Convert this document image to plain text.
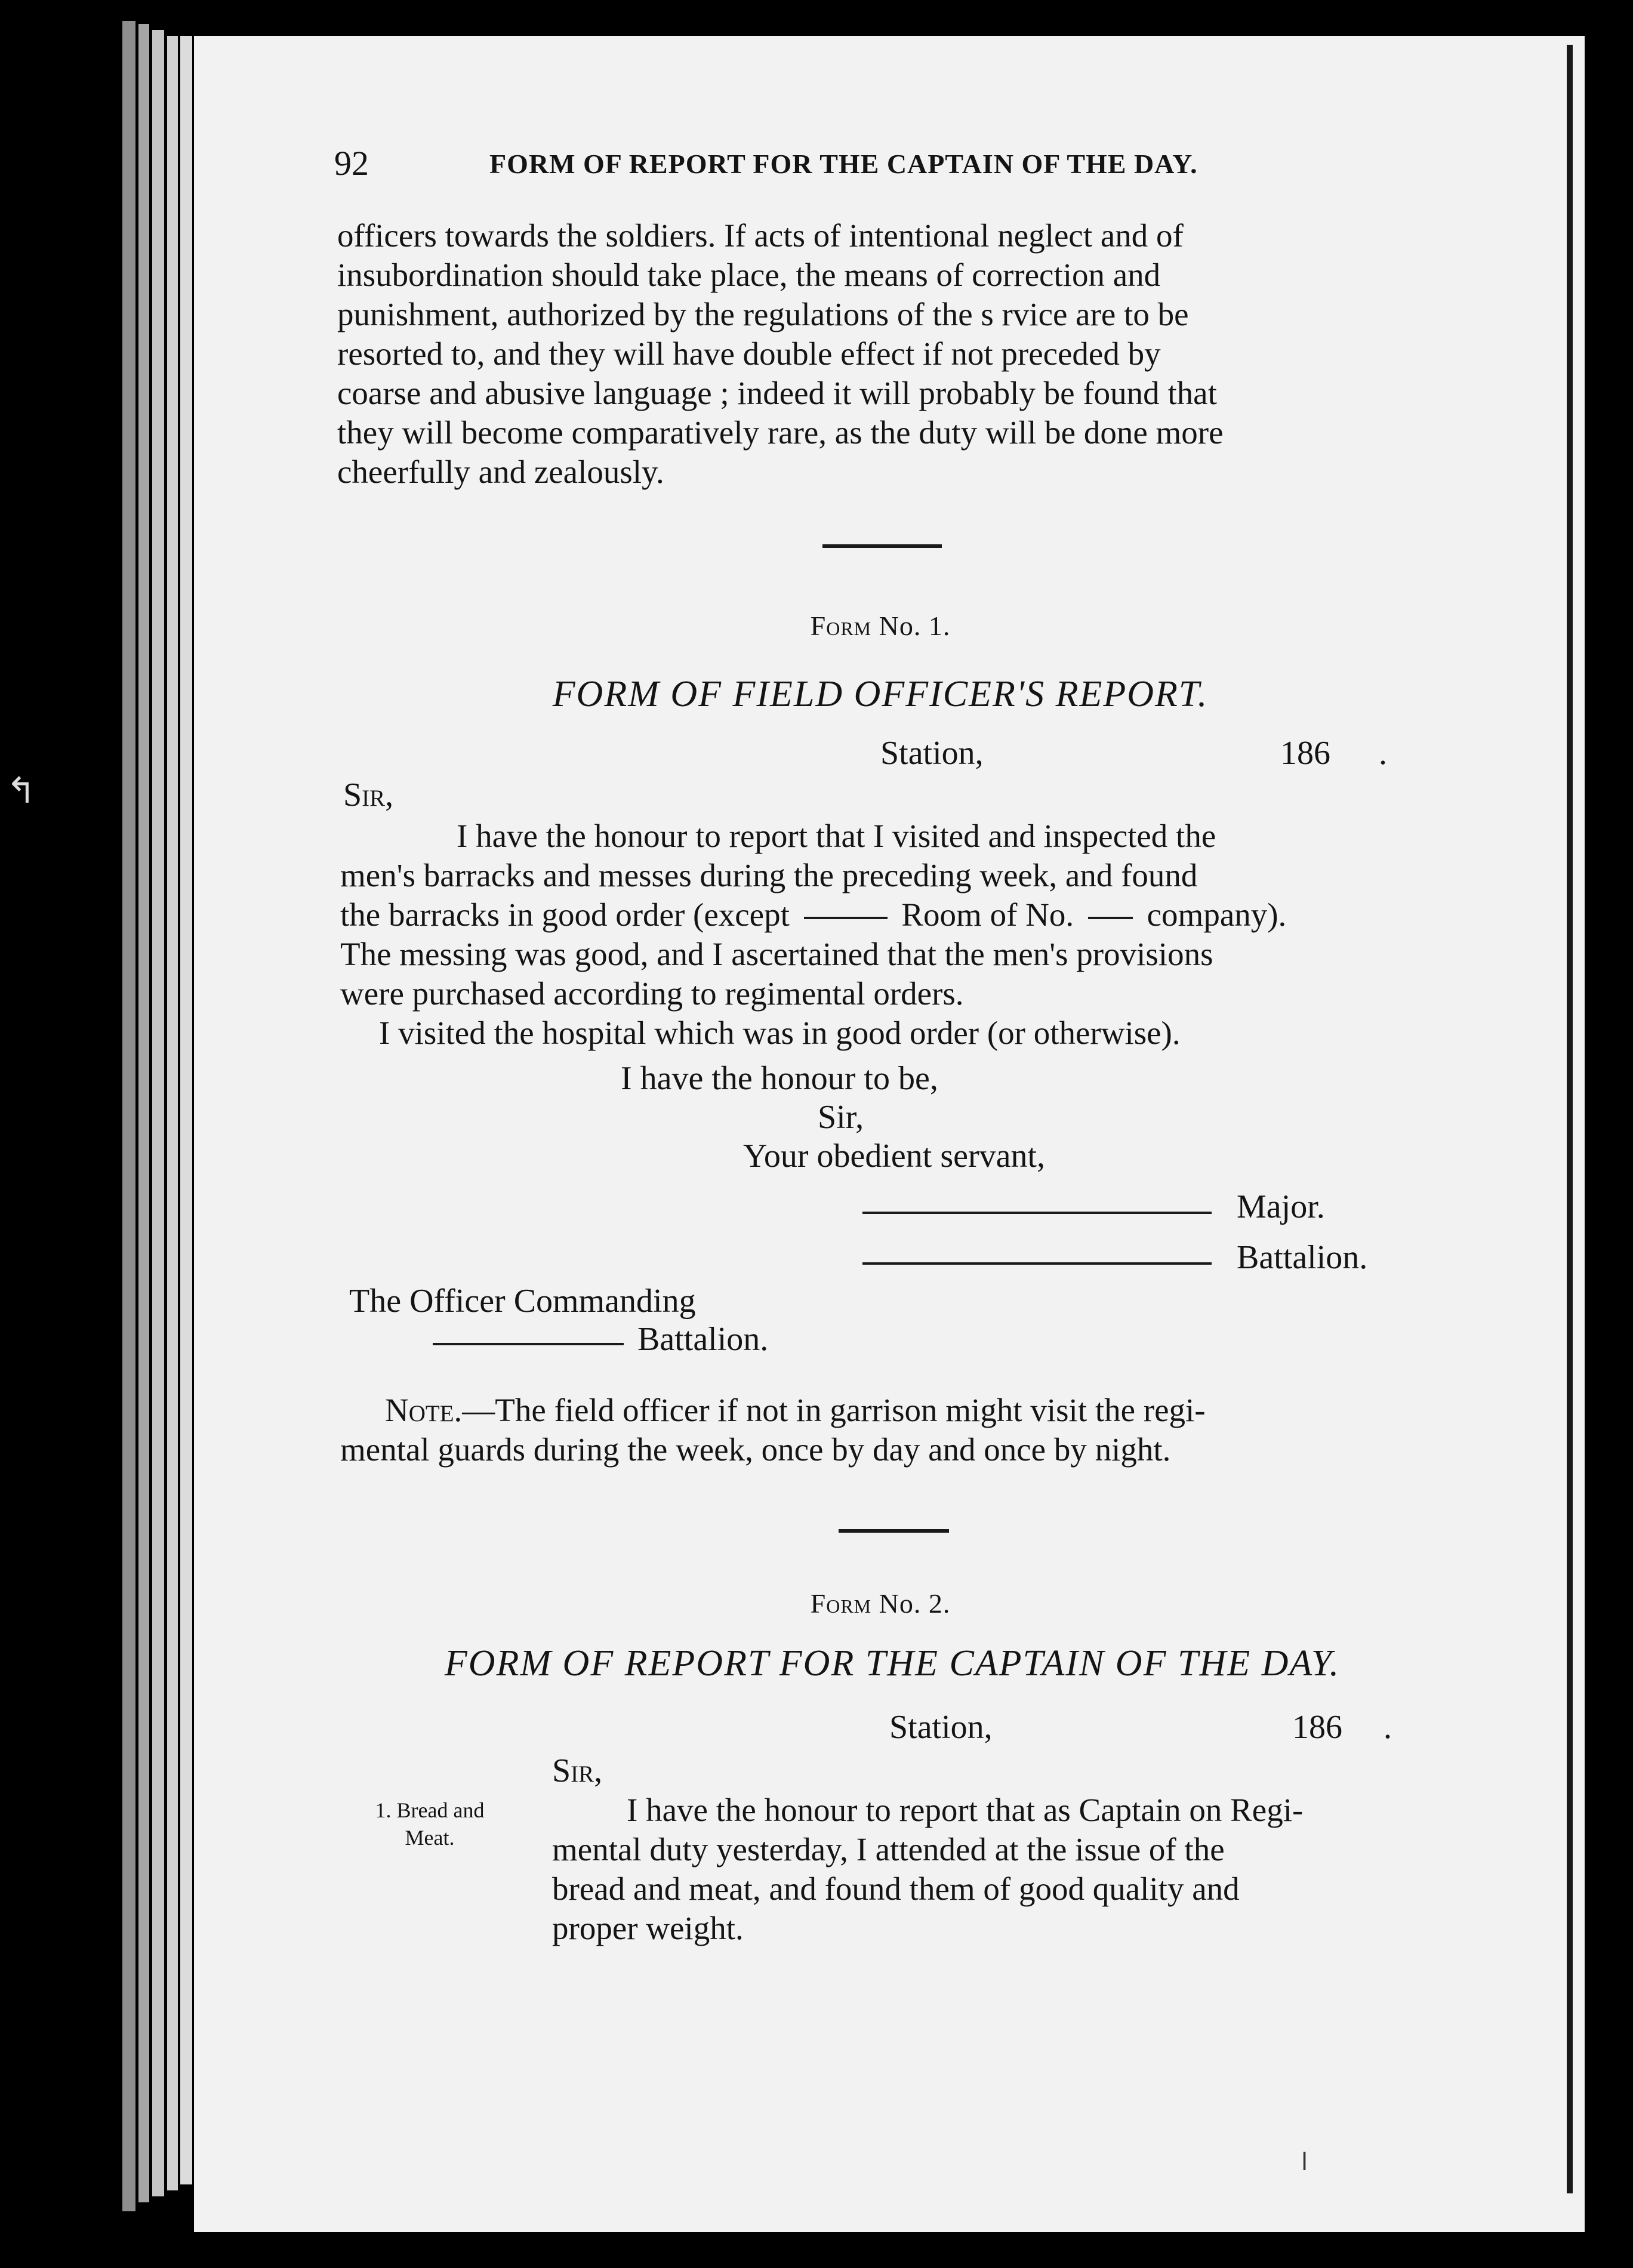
↰
92	FORM OF REPORT FOR THE CAPTAIN OF THE DAY.
officers towards the soldiers. If acts of intentional neglect and of
insubordination should take place, the means of correction and
punishment, authorized by the regulations of the s rvice are to be
resorted to, and they will have double effect if not preceded by
coarse and abusive language ; indeed it will probably be found that
they will become comparatively rare, as the duty will be done more
cheerfully and zealously.
Form No. 1.
FORM OF FIELD OFFICER'S REPORT.
Station,	186 .
Sir,
I have the honour to report that I visited and inspected the
men's barracks and messes during the preceding week, and found
the barracks in good order (except	Room of No. company).
The messing was good, and I ascertained that the men's provisions
were purchased according to regimental orders.
I visited the hospital which was in good order (or otherwise).
I have the honour to be,
Sir,
Your obedient servant,
Major.
Battalion.
The Officer Commanding
Battalion.
Note.—The field officer if not in garrison might visit the regi-
mental guards during the week, once by day and once by night.
Form No. 2.
FORM OF REPORT FOR THE CAPTAIN OF THE DAY.
Station,	186 .
Sir,
1. Bread and
Meat.
I have the honour to report that as Captain on Regi-
mental duty yesterday, I attended at the issue of the
bread and meat, and found them of good quality and
proper weight.
l
